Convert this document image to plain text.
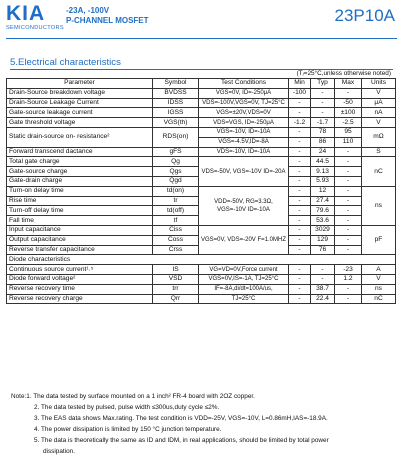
KIA
SEMICONDUCTORS
-23A, -100V
P-CHANNEL MOSFET	23P10A
5.Electrical characteristics
(Tⱼ=25°C,unless otherwise noted)
Parameter	Symbol	Test Conditions	Min	Typ	Max	Units
Drain-Source breakdown voltage	BVDSS	VGS=0V, ID=-250μA	-100	-	-	V
Drain-Source Leakage Current	IDSS	VDS=-100V,VGS=0V, TJ=25°C	-	-	-50	μA
Gate-source leakage current	IGSS	VGS=±20V,VDS=0V	-	-	±100	nA
Gate threshold voltage	VGS(th)	VDS=VGS, ID=-250μA	-1.2	-1.7	-2.5	V
Static drain-source on- resistance²	RDS(on)	VGS=-10V, ID=-10A	-	78	95	mΩ
		VGS=-4.5V,ID=-8A	-	86	110	
Forward transcend dactance	gFS	VDS=-10V, ID=-10A	-	24	-	S
Total gate charge	Qg	VDS=-50V, VGS=-10V ID=-20A	-	44.5	-	nC
Gate-source charge	Qgs		-	9.13	-	
Gate-drain charge	Qgd		-	5.93	-	
Turn-on delay time	td(on)	VDD=-50V, RG=3.3Ω, VGS=-10V ID=-10A	-	12	-	ns
Rise time	tr		-	27.4	-	
Turn-off delay time	td(off)		-	79.6	-	
Fall time	tf		-	53.6	-	
Input capacitance	Ciss	VGS=0V, VDS=-20V F=1.0MHZ	-	3029	-	pF
Output capacitance	Coss		-	129	-	
Reverse transfer capacitance	Crss		-	76	-	
Diode characteristics						
Continuous source current¹˒⁵	IS	VG=VD=0V,Force current	-	-	-23	A
Diode forward voltage²	VSD	VGS=0V,IS=-1A, TJ=25°C	-	-	1.2	V
Reverse recovery time	trr	IF=-8A,di/dt=100A/us,	-	38.7	-	ns
Reverse recovery charge	Qrr	TJ=25°C	-	22.4	-	nC
Note:1. The data tested by surface mounted on a 1 inch² FR-4 board with 2OZ copper.
2. The data tested by pulsed, pulse width ≤300us,duty cycle ≤2%.
3. The EAS data shows Max.rating. The test condition is VDD=-25V, VGS=-10V, L=0.86mH,IAS=-18.9A.
4. The power dissipation is limited by 150 °C junction temperature.
5. The data is theoretically the same as ID and IDM, in real applications, should be limited by total power
dissipation.
